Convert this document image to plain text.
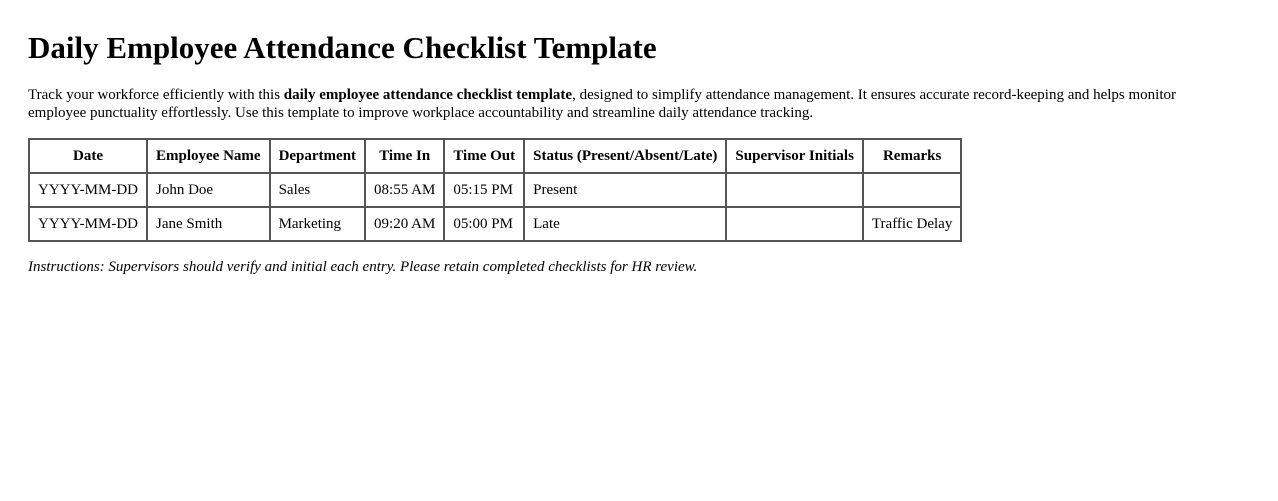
Daily Employee Attendance Checklist Template

Track your workforce efficiently with this daily employee attendance checklist template, designed to simplify attendance management. It ensures accurate record-keeping and helps monitor employee punctuality effortlessly. Use this template to improve workplace accountability and streamline daily attendance tracking.

Date	Employee Name	Department	Time In	Time Out	Status (Present/Absent/Late)	Supervisor Initials	Remarks
YYYY-MM-DD	John Doe	Sales	08:55 AM	05:15 PM	Present		
YYYY-MM-DD	Jane Smith	Marketing	09:20 AM	05:00 PM	Late		Traffic Delay

Instructions: Supervisors should verify and initial each entry. Please retain completed checklists for HR review.
